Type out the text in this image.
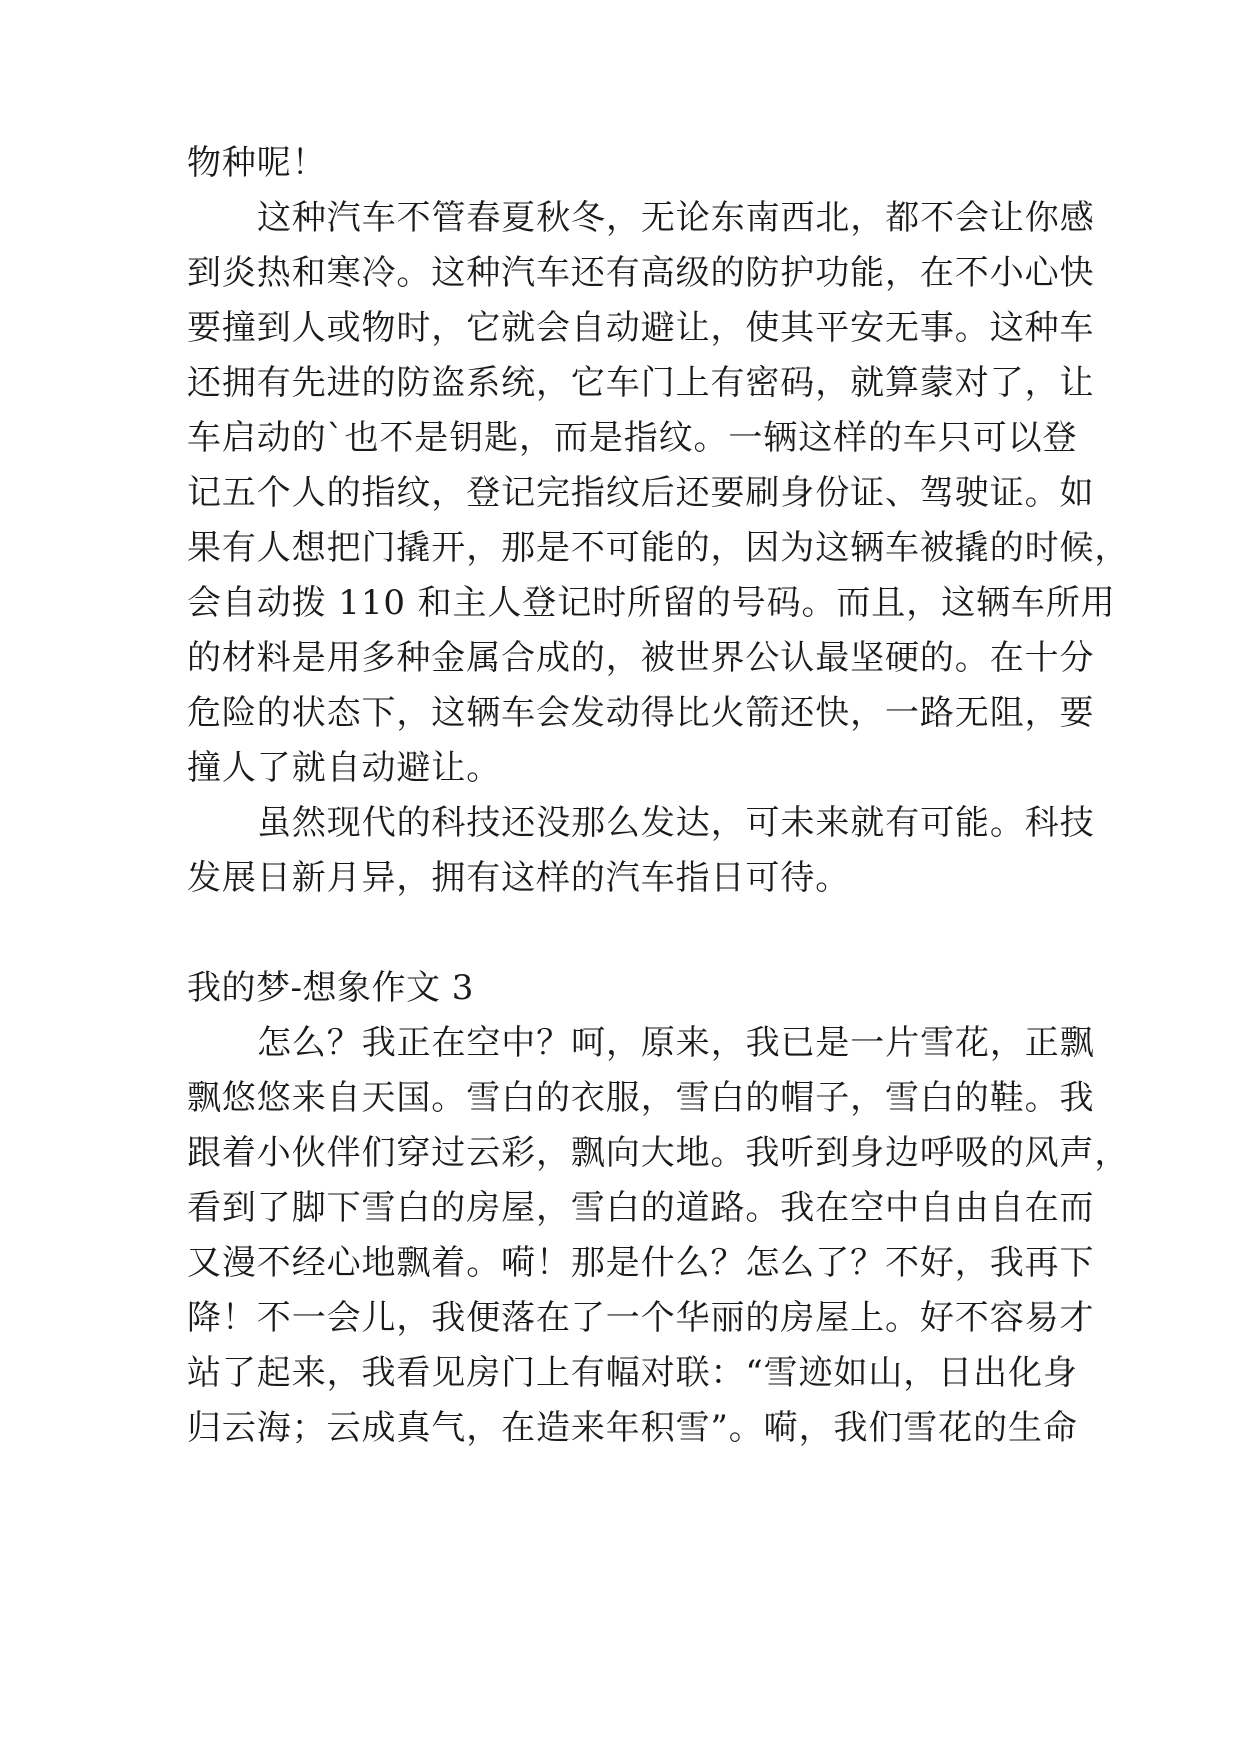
物种呢！
这种汽车不管春夏秋冬，无论东南西北，都不会让你感
到炎热和寒冷。这种汽车还有高级的防护功能，在不小心快
要撞到人或物时，它就会自动避让，使其平安无事。这种车
还拥有先进的防盗系统，它车门上有密码，就算蒙对了，让
车启动的`也不是钥匙，而是指纹。一辆这样的车只可以登
记五个人的指纹，登记完指纹后还要刷身份证、驾驶证。如
果有人想把门撬开，那是不可能的，因为这辆车被撬的时候，
会自动拨 110 和主人登记时所留的号码。而且，这辆车所用
的材料是用多种金属合成的，被世界公认最坚硬的。在十分
危险的状态下，这辆车会发动得比火箭还快，一路无阻，要
撞人了就自动避让。
虽然现代的科技还没那么发达，可未来就有可能。科技
发展日新月异，拥有这样的汽车指日可待。
我的梦-想象作文 3
怎么？我正在空中？呵，原来，我已是一片雪花，正飘
飘悠悠来自天国。雪白的衣服，雪白的帽子，雪白的鞋。我
跟着小伙伴们穿过云彩，飘向大地。我听到身边呼吸的风声，
看到了脚下雪白的房屋，雪白的道路。我在空中自由自在而
又漫不经心地飘着。嗬！那是什么？怎么了？不好，我再下
降！不一会儿，我便落在了一个华丽的房屋上。好不容易才
站了起来，我看见房门上有幅对联：“雪迹如山，日出化身
归云海；云成真气，在造来年积雪”。嗬，我们雪花的生命
